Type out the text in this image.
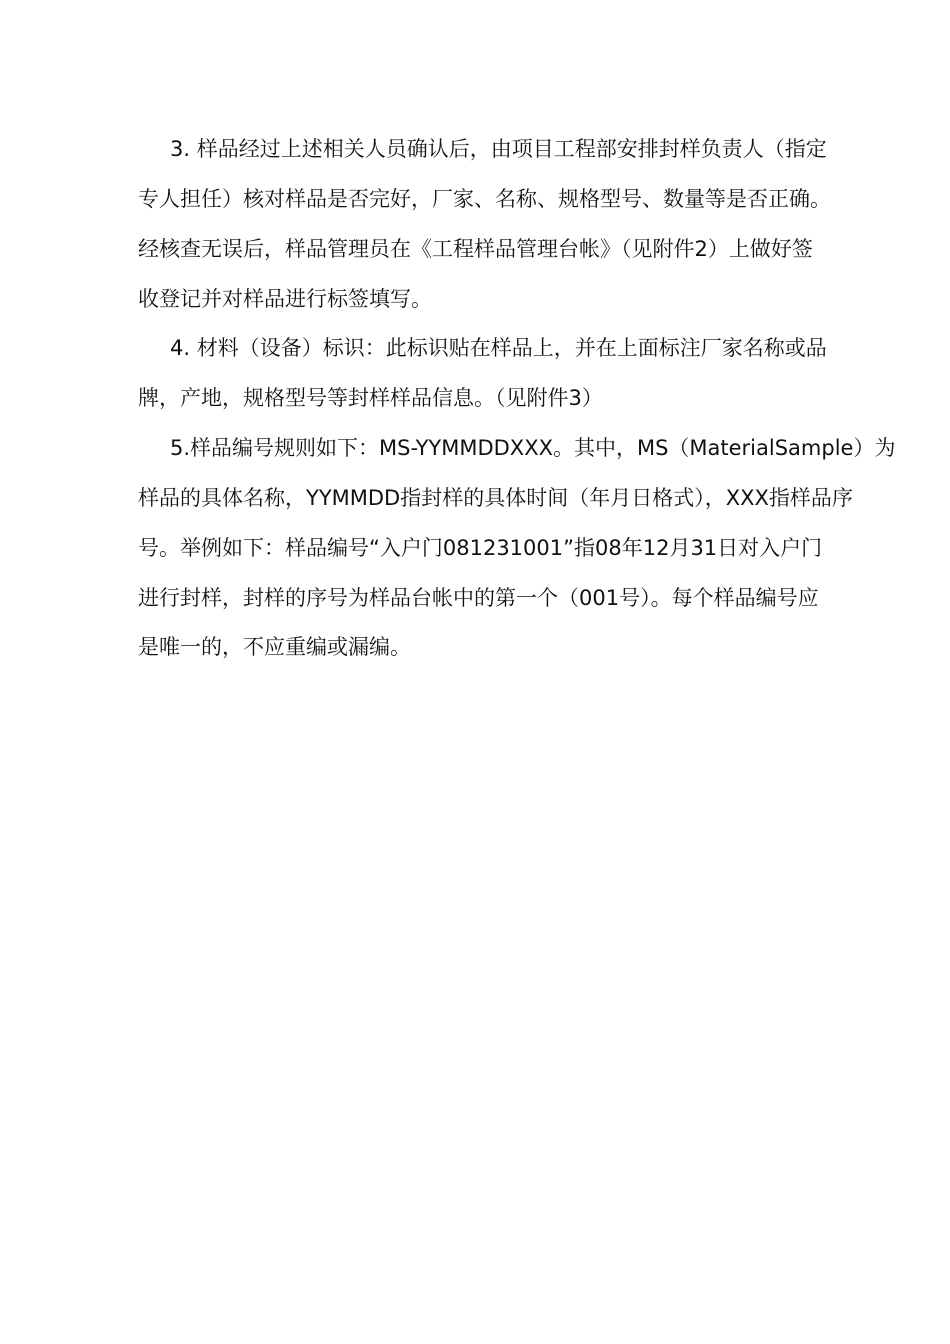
3. 样品经过上述相关人员确认后，由项目工程部安排封样负责人（指定
专人担任）核对样品是否完好，厂家、名称、规格型号、数量等是否正确。
经核查无误后，样品管理员在《工程样品管理台帐》（见附件2）上做好签
收登记并对样品进行标签填写。
4. 材料（设备）标识：此标识贴在样品上，并在上面标注厂家名称或品
牌，产地，规格型号等封样样品信息。（见附件3）
5.样品编号规则如下：MS-YYMMDDXXX。其中，MS（MaterialSample）为
样品的具体名称，YYMMDD指封样的具体时间（年月日格式），XXX指样品序
号。举例如下：样品编号“入户门081231001”指08年12月31日对入户门
进行封样，封样的序号为样品台帐中的第一个（001号）。每个样品编号应
是唯一的，不应重编或漏编。
